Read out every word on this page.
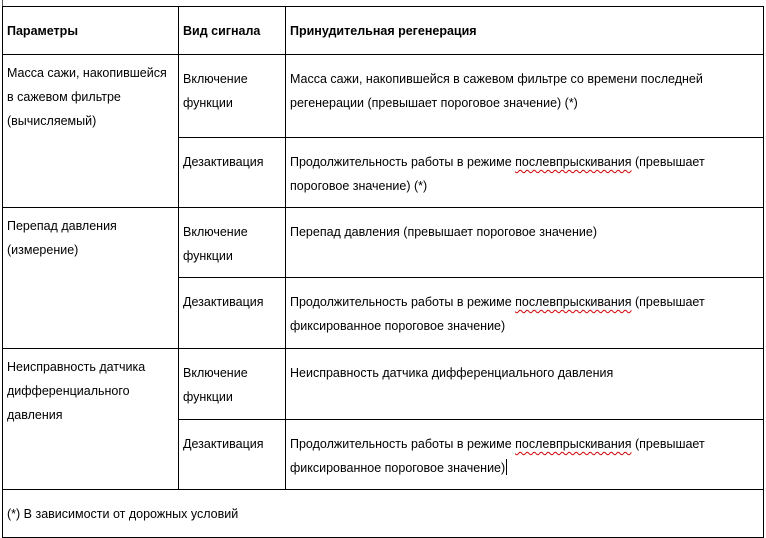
Параметры	Вид сигнала	Принудительная регенерация
Масса сажи, накопившейся в сажевом фильтре (вычисляемый)	Включение функции	Масса сажи, накопившейся в сажевом фильтре со времени последней регенерации (превышает пороговое значение) (*)
	Дезактивация	Продолжительность работы в режиме послевпрыскивания (превышает пороговое значение) (*)
Перепад давления (измерение)	Включение функции	Перепад давления (превышает пороговое значение)
	Дезактивация	Продолжительность работы в режиме послевпрыскивания (превышает фиксированное пороговое значение)
Неисправность датчика дифференциального давления	Включение функции	Неисправность датчика дифференциального давления
	Дезактивация	Продолжительность работы в режиме послевпрыскивания (превышает фиксированное пороговое значение)
(*) В зависимости от дорожных условий		
